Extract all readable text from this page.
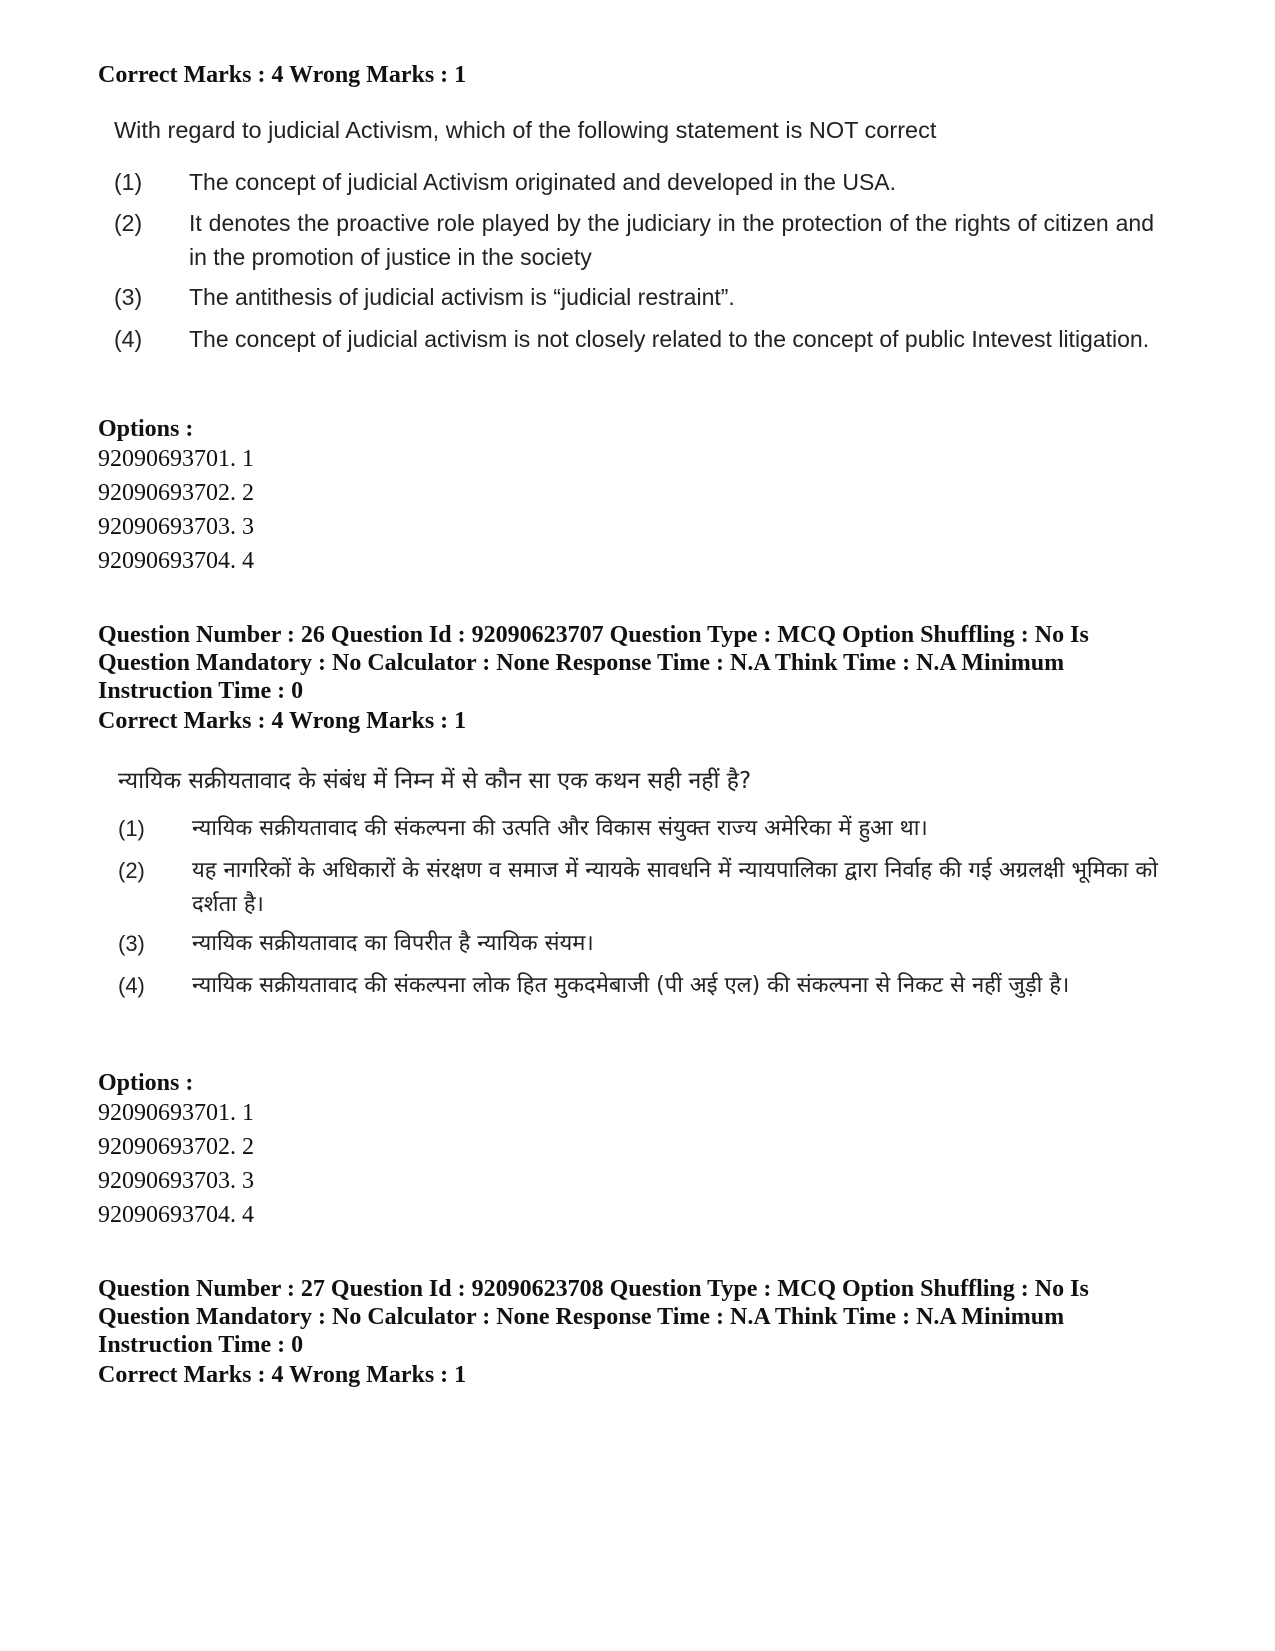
Correct Marks : 4 Wrong Marks : 1
With regard to judicial Activism, which of the following statement is NOT correct
(1) The concept of judicial Activism originated and developed in the USA.
(2) It denotes the proactive role played by the judiciary in the protection of the rights of citizen and in the promotion of justice in the society
(3) The antithesis of judicial activism is “judicial restraint”.
(4) The concept of judicial activism is not closely related to the concept of public Intevest litigation.
Options :
92090693701. 1
92090693702. 2
92090693703. 3
92090693704. 4
Question Number : 26 Question Id : 92090623707 Question Type : MCQ Option Shuffling : No Is
Question Mandatory : No Calculator : None Response Time : N.A Think Time : N.A Minimum
Instruction Time : 0
Correct Marks : 4 Wrong Marks : 1
न्यायिक सक्रीयतावाद के संबंध में निम्न में से कौन सा एक कथन सही नहीं है?
(1) न्यायिक सक्रीयतावाद की संकल्पना की उत्पति और विकास संयुक्त राज्य अमेरिका में हुआ था।
(2) यह नागरिकों के अधिकारों के संरक्षण व समाज में न्यायके सावधनि में न्यायपालिका द्वारा निर्वाह की गई अग्रलक्षी भूमिका को दर्शता है।
(3) न्यायिक सक्रीयतावाद का विपरीत है न्यायिक संयम।
(4) न्यायिक सक्रीयतावाद की संकल्पना लोक हित मुकदमेबाजी (पी अई एल) की संकल्पना से निकट से नहीं जुड़ी है।
Options :
92090693701. 1
92090693702. 2
92090693703. 3
92090693704. 4
Question Number : 27 Question Id : 92090623708 Question Type : MCQ Option Shuffling : No Is
Question Mandatory : No Calculator : None Response Time : N.A Think Time : N.A Minimum
Instruction Time : 0
Correct Marks : 4 Wrong Marks : 1
